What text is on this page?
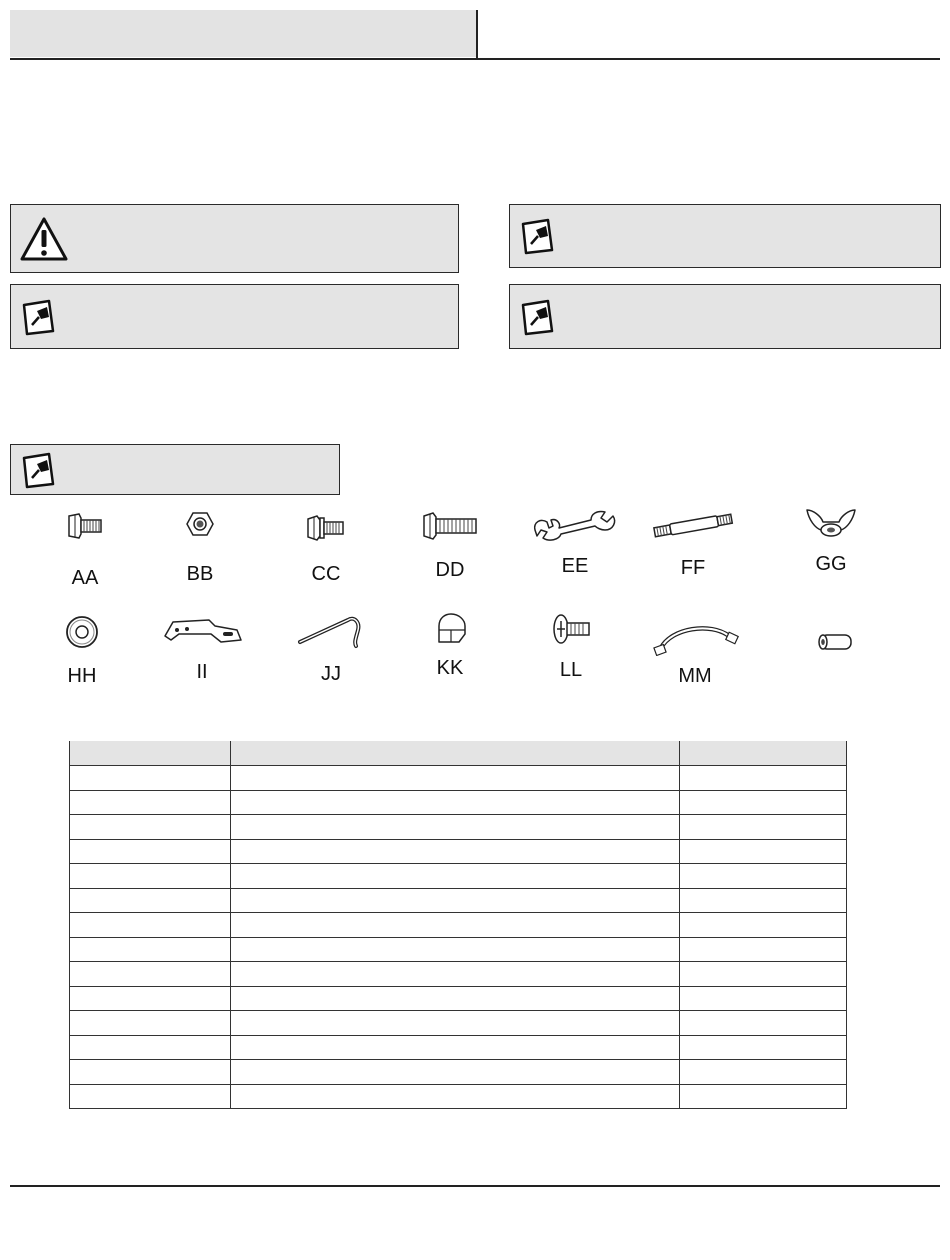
AA	BB	CC	DD	EE	FF	GG
HH	II	JJ	KK	LL	MM
